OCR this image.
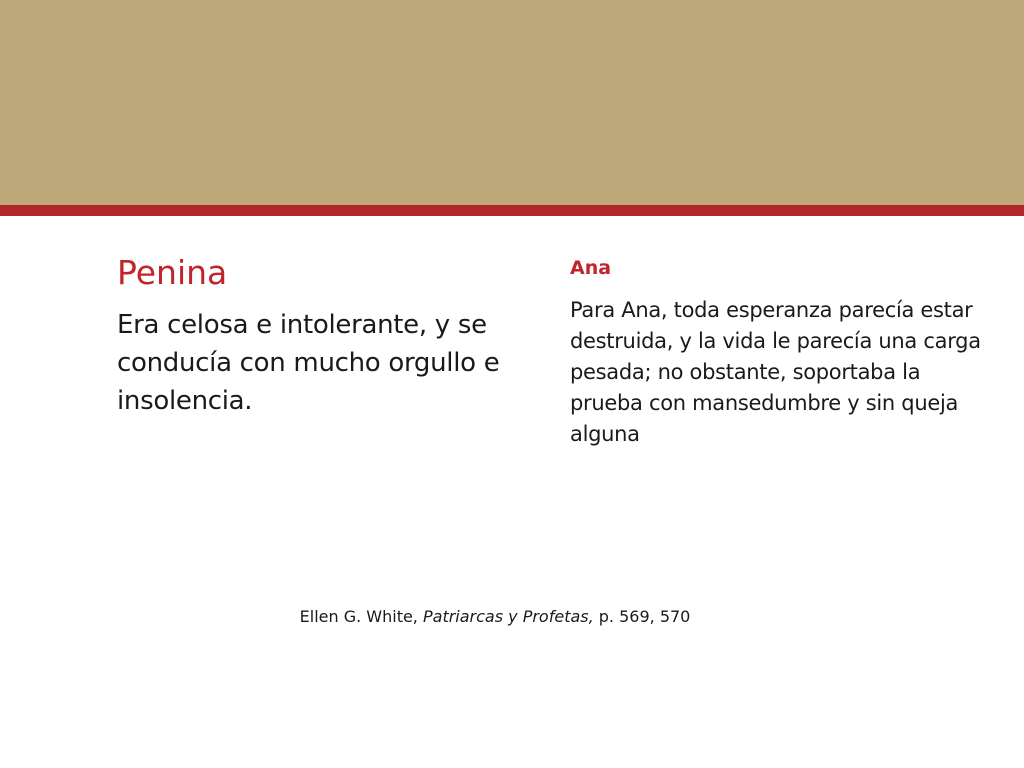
Penina

Era celosa e intolerante, y se conducía con mucho orgullo e insolencia.

Ana

Para Ana, toda esperanza parecía estar destruida, y la vida le parecía una carga pesada; no obstante, soportaba la prueba con mansedumbre y sin queja alguna

Ellen G. White, Patriarcas y Profetas, p. 569, 570
